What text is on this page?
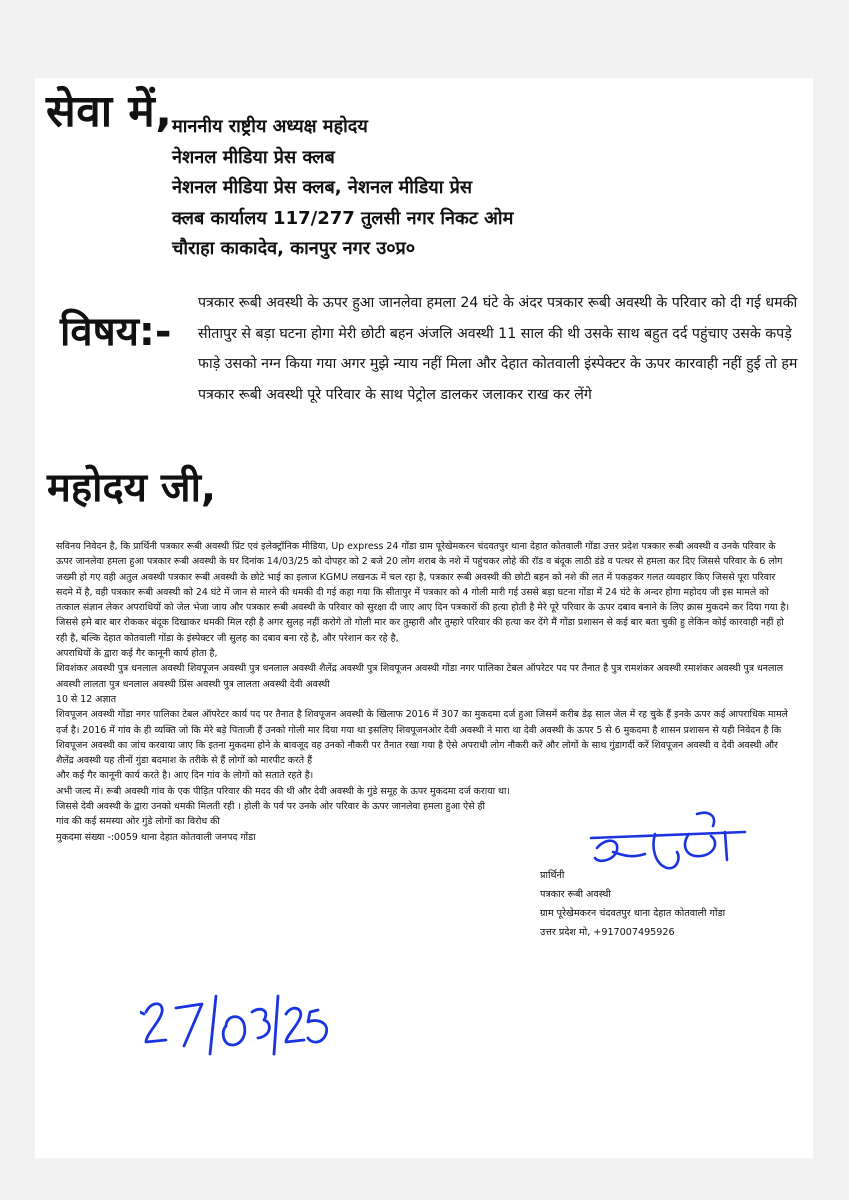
सेवा में, माननीय राष्ट्रीय अध्यक्ष महोदय
नेशनल मीडिया प्रेस क्लब
नेशनल मीडिया प्रेस क्लब, नेशनल मीडिया प्रेस
क्लब कार्यालय 117/277 तुलसी नगर निकट ओम
चौराहा काकादेव, कानपुर नगर उ०प्र०
विषय:-
पत्रकार रूबी अवस्थी के ऊपर हुआ जानलेवा हमला 24 घंटे के अंदर पत्रकार रूबी अवस्थी के परिवार को दी गई धमकी सीतापुर से बड़ा घटना होगा मेरी छोटी बहन अंजलि अवस्थी 11 साल की थी उसके साथ बहुत दर्द पहुंचाए उसके कपड़े फाड़े उसको नग्न किया गया अगर मुझे न्याय नहीं मिला और देहात कोतवाली इंस्पेक्टर के ऊपर कारवाही नहीं हुई तो हम पत्रकार रूबी अवस्थी पूरे परिवार के साथ पेट्रोल डालकर जलाकर राख कर लेंगे
महोदय जी,

सविनय निवेदन है, कि प्रार्थिनी पत्रकार रूबी अवस्थी प्रिंट एवं इलेक्ट्रॉनिक मीडिया, Up express 24 गोंडा ग्राम पूरेखेमकरन चंदवतपुर थाना देहात कोतवाली गोंडा उत्तर प्रदेश पत्रकार रूबी अवस्थी व उनके परिवार के ऊपर जानलेवा हमला हुआ पत्रकार रूबी अवस्थी के घर दिनांक 14/03/25 को दोपहर को 2 बजे 20 लोग शराब के नशे में पहुंचकर लोहे की रॉड व बंदूक लाठी डंडे व पत्थर से हमला कर दिए जिससे परिवार के 6 लोग जख्मी हो गए वही अतुल अवस्थी पत्रकार रूबी अवस्थी के छोटे भाई का इलाज KGMU लखनऊ में चल रहा है, पत्रकार रूबी अवस्थी की छोटी बहन को नशे की लत में पकड़कर गलत व्यवहार किए जिससे पूरा परिवार सदमे में है, वही पत्रकार रूबी अवस्थी को 24 घंटे में जान से मारने की धमकी दी गई कहा गया कि सीतापुर में पत्रकार को 4 गोली मारी गई उससे बड़ा घटना गोंडा में 24 घंटे के अन्दर होगा महोदय जी इस मामले को तत्काल संज्ञान लेकर अपराधियों को जेल भेजा जाय और पत्रकार रूबी अवस्थी के परिवार को सुरक्षा दी जाए आए दिन पत्रकारों की हत्या होती है मेरे पूरे परिवार के ऊपर दबाव बनाने के लिए क्रास मुकदमे कर दिया गया है। जिससे हमे बार बार रोककर बंदूक दिखाकर धमकी मिल रही है अगर सुलह नहीं करोगे तो गोली मार कर तुम्हारी और तुम्हारे परिवार की हत्या कर देंगे मैं गोंडा प्रशासन से कई बार बता चुकी हु लेकिन कोई कारवाही नहीं हो रही है, बल्कि देहात कोतवाली गोंडा के इंस्पेक्टर जी सुलह का दबाव बना रहे है, और परेशान कर रहे है,

अपराधियों के द्वारा कई गैर कानूनी कार्य होता है,

शिवशंकर अवस्थी पुत्र धनलाल अवस्थी शिवपूजन अवस्थी पुत्र धनलाल अवस्थी शैलेंद्र अवस्थी पुत्र शिवपूजन अवस्थी गोंडा नगर पालिका टेबल ऑपरेटर पद पर तैनात है पुत्र रामशंकर अवस्थी रमाशंकर अवस्थी पुत्र धनलाल अवस्थी लालता पुत्र धनलाल अवस्थी प्रिंस अवस्थी पुत्र लालता अवस्थी देवी अवस्थी

10 से 12 अज्ञात

शिवपूजन अवस्थी गोंडा नगर पालिका टेबल ऑपरेटर कार्य पद पर तैनात है शिवपूजन अवस्थी के खिलाफ 2016 में 307 का मुकदमा दर्ज हुआ जिसमें करीब डेढ़ साल जेल में रह चुके हैं इनके ऊपर कई आपराधिक मामले दर्ज है। 2016 में गांव के ही व्यक्ति जो कि मेरे बड़े पिताजी हैं उनको गोली मार दिया गया था इसलिए शिवपूजनओर देवी अवस्थी ने मारा था देवी अवस्थी के ऊपर 5 से 6 मुकदमा है शासन प्रशासन से यही निवेदन है कि शिवपूजन अवस्थी का जांच करवाया जाए कि इतना मुकदमा होने के बावजूद वह उनको नौकरी पर तैनात रखा गया है ऐसे अपराधी लोग नौकरी करें और लोगों के साथ गुंडागर्दी करें शिवपूजन अवस्थी व देवी अवस्थी और शैलेंद्र अवस्थी यह तीनों गुंडा बदमाश के तरीके से हैं लोगों को मारपीट करते हैं

और कई गैर कानूनी कार्य करते है। आए दिन गांव के लोगों को सताते रहते है।

अभी जल्द में। रूबी अवस्थी गांव के एक पीड़ित परिवार की मदद की थी और देवी अवस्थी के गुंडे समूह के ऊपर मुकदमा दर्ज कराया था।

जिससे देवी अवस्थी के द्वारा उनको धमकी मिलती रही । होली के पर्व पर उनके ओर परिवार के ऊपर जानलेवा हमला हुआ ऐसे ही

गांव की कई समस्या ओर गुंडे लोगों का विरोध की

मुकदमा संख्या -:0059 थाना देहात कोतवाली जनपद गोंडा

प्रार्थिनी
पत्रकार रूबी अवस्थी
ग्राम पूरेखेमकरन चंदवतपुर थाना देहात कोतवाली गोंडा
उत्तर प्रदेश मो, +917007495926
